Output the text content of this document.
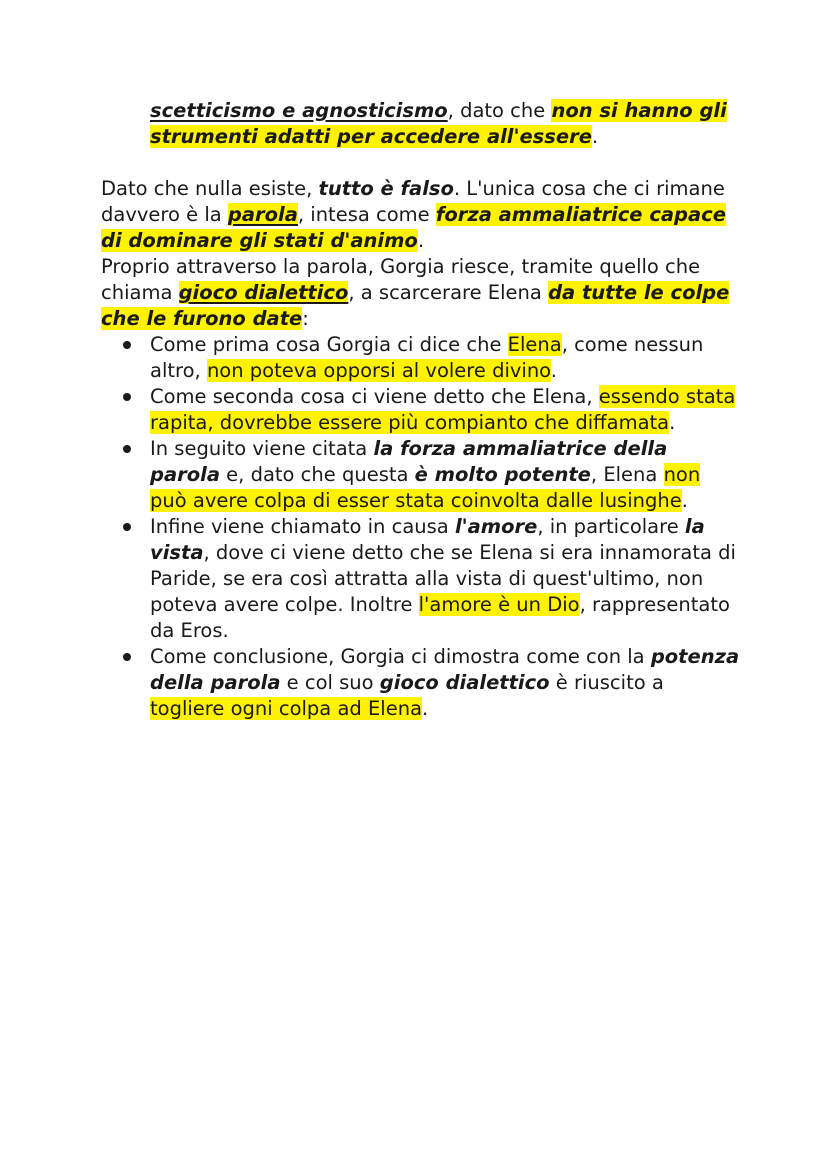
scetticismo e agnosticismo, dato che non si hanno gli strumenti adatti per accedere all'essere.

Dato che nulla esiste, tutto è falso. L'unica cosa che ci rimane davvero è la parola, intesa come forza ammaliatrice capace di dominare gli stati d'animo.

Proprio attraverso la parola, Gorgia riesce, tramite quello che chiama gioco dialettico, a scarcerare Elena da tutte le colpe che le furono date:

Come prima cosa Gorgia ci dice che Elena, come nessun altro, non poteva opporsi al volere divino.
Come seconda cosa ci viene detto che Elena, essendo stata rapita, dovrebbe essere più compianto che diffamata.
In seguito viene citata la forza ammaliatrice della parola e, dato che questa è molto potente, Elena non può avere colpa di esser stata coinvolta dalle lusinghe.
Infine viene chiamato in causa l'amore, in particolare la vista, dove ci viene detto che se Elena si era innamorata di Paride, se era così attratta alla vista di quest'ultimo, non poteva avere colpe. Inoltre l'amore è un Dio, rappresentato da Eros.
Come conclusione, Gorgia ci dimostra come con la potenza della parola e col suo gioco dialettico è riuscito a togliere ogni colpa ad Elena.
